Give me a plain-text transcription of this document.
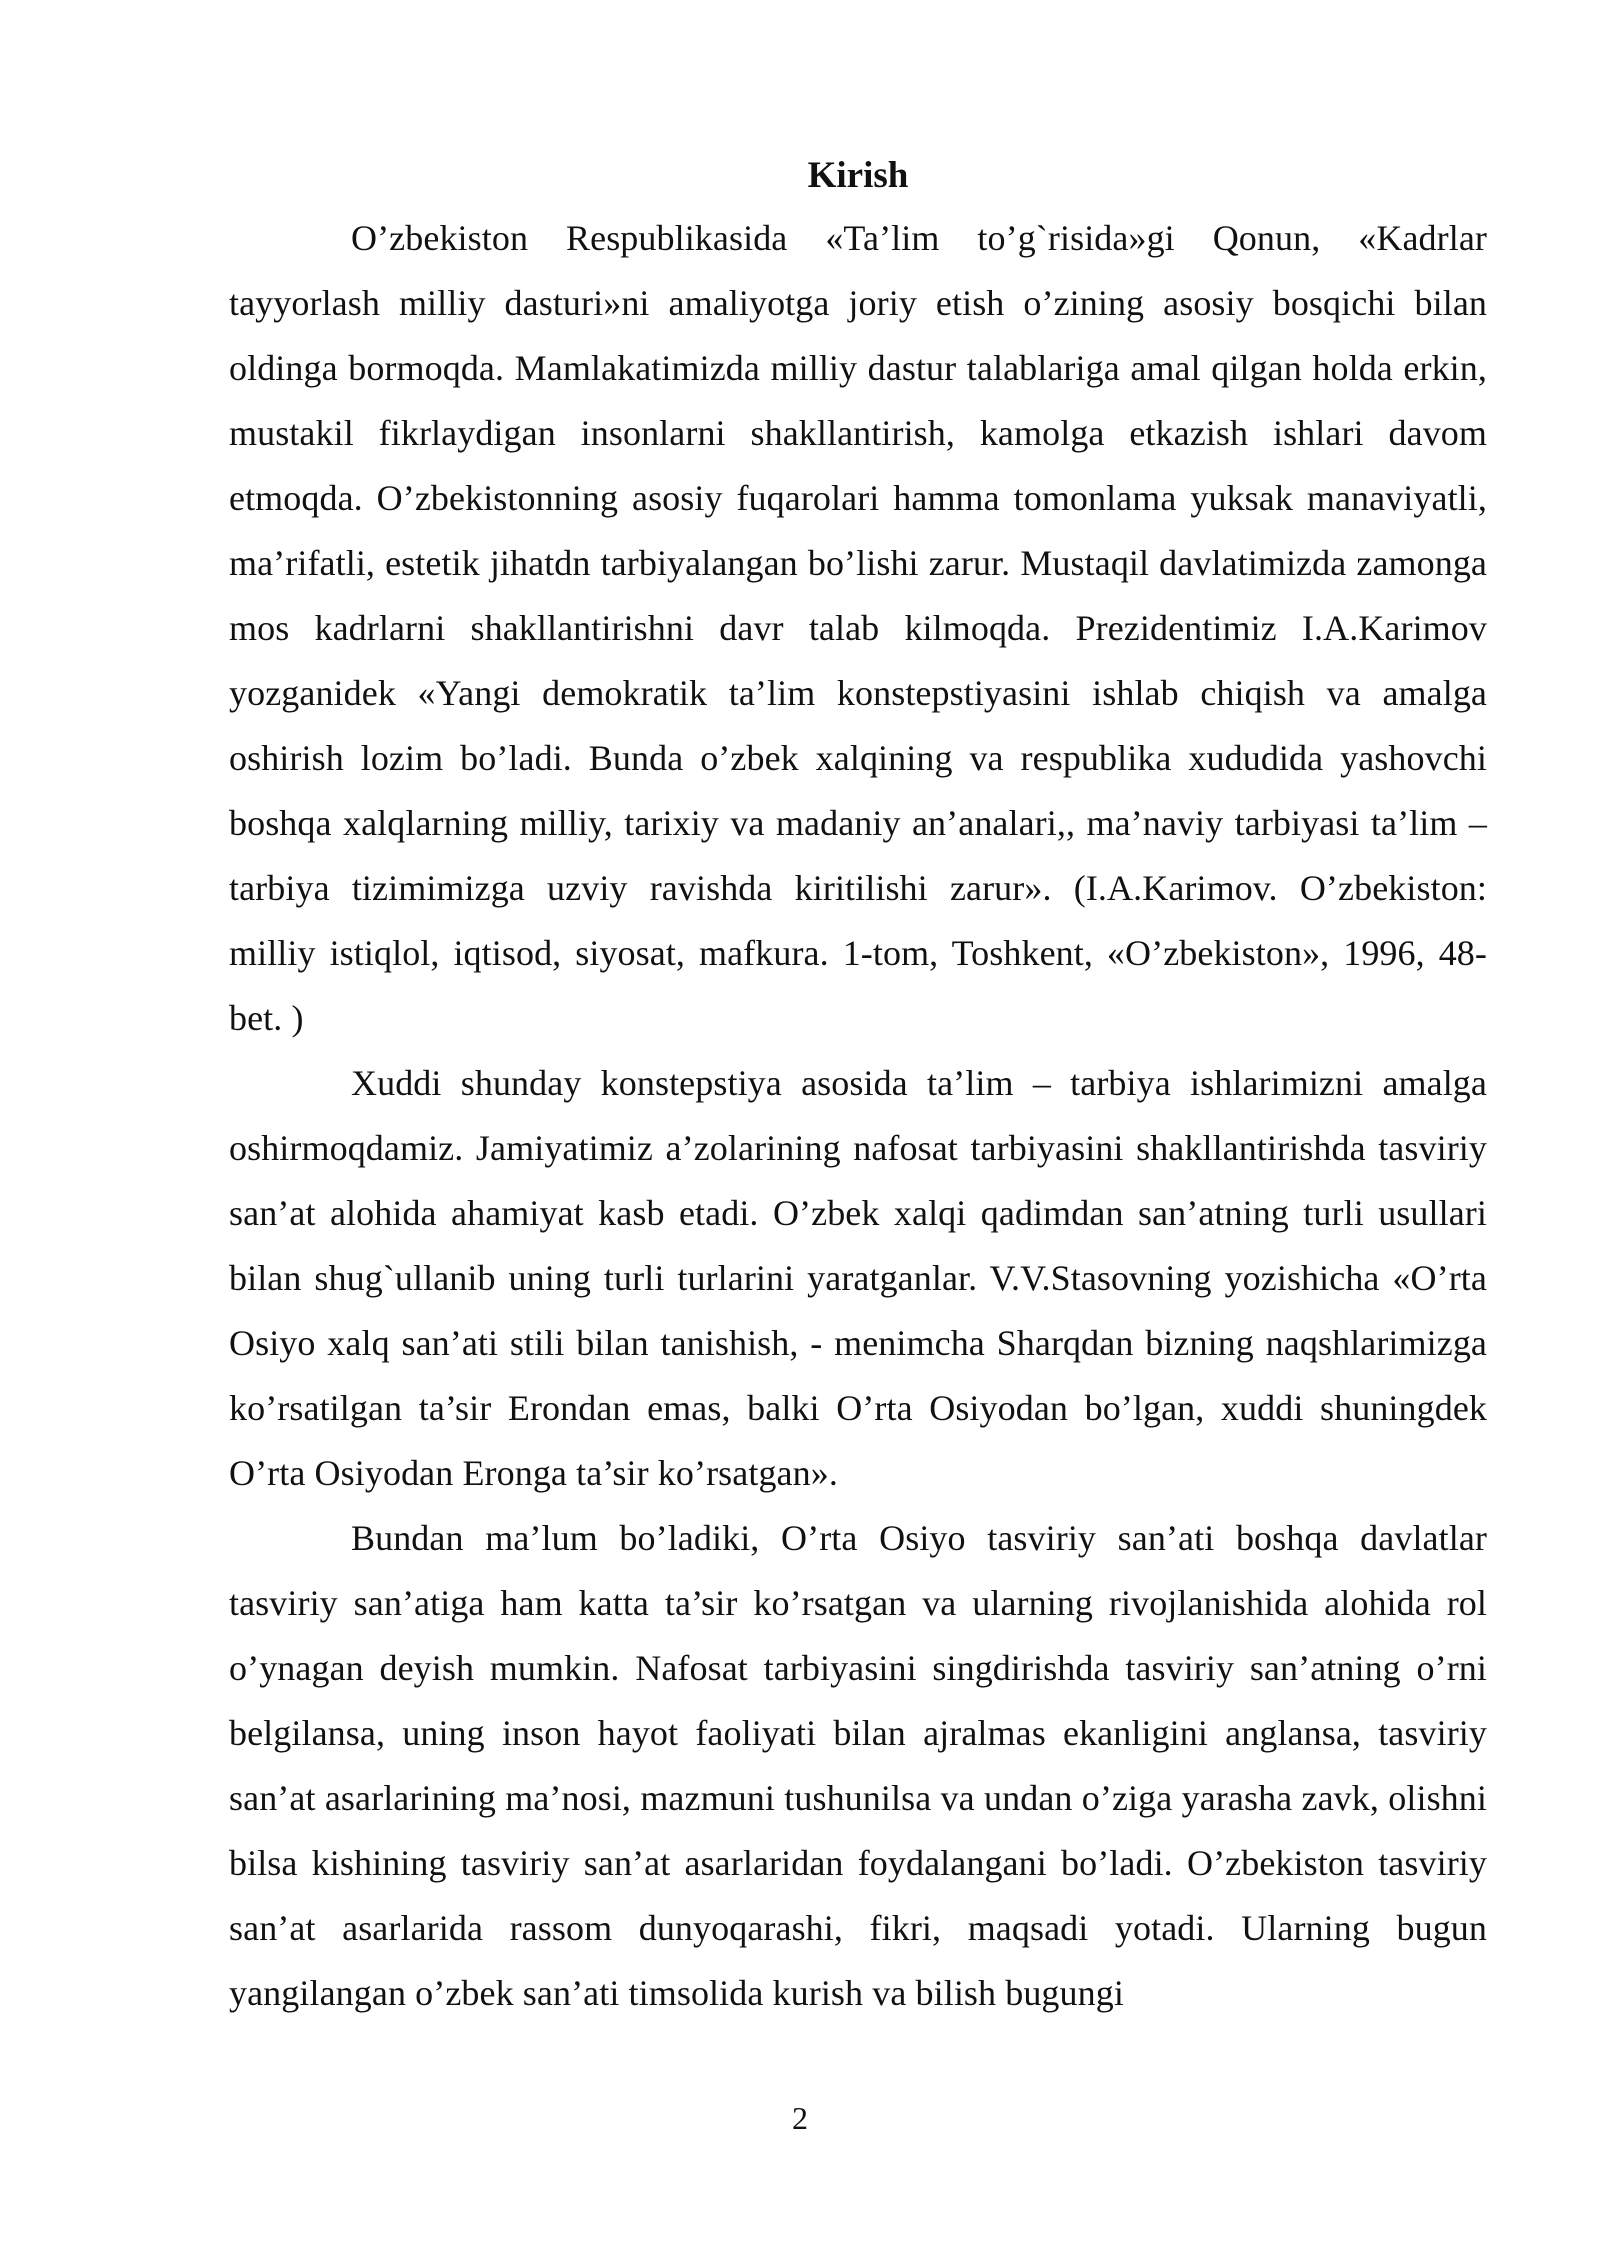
Kirish

O’zbekiston Respublikasida «Ta’lim to’g`risida»gi Qonun, «Kadrlar tayyorlash milliy dasturi»ni amaliyotga joriy etish o’zining asosiy bosqichi bilan oldinga bormoqda. Mamlakatimizda milliy dastur talablariga amal qilgan holda erkin, mustakil fikrlaydigan insonlarni shakllantirish, kamolga etkazish ishlari davom etmoqda. O’zbekistonning asosiy fuqarolari hamma tomonlama yuksak manaviyatli, ma’rifatli, estetik jihatdn tarbiyalangan bo’lishi zarur. Mustaqil davlatimizda zamonga mos kadrlarni shakllantirishni davr talab kilmoqda. Prezidentimiz I.A.Karimov yozganidek «Yangi demokratik ta’lim konstepstiyasini ishlab chiqish va amalga oshirish lozim bo’ladi. Bunda o’zbek xalqining va respublika xududida yashovchi boshqa xalqlarning milliy, tarixiy va madaniy an’analari,, ma’naviy tarbiyasi ta’lim – tarbiya tizimimizga uzviy ravishda kiritilishi zarur». (I.A.Karimov. O’zbekiston: milliy istiqlol, iqtisod, siyosat, mafkura. 1-tom, Toshkent, «O’zbekiston», 1996, 48-bet. )

Xuddi shunday konstepstiya asosida ta’lim – tarbiya ishlarimizni amalga oshirmoqdamiz. Jamiyatimiz a’zolarining nafosat tarbiyasini shakllantirishda tasviriy san’at alohida ahamiyat kasb etadi. O’zbek xalqi qadimdan san’atning turli usullari bilan shug`ullanib uning turli turlarini yaratganlar. V.V.Stasovning yozishicha «O’rta Osiyo xalq san’ati stili bilan tanishish, - menimcha Sharqdan bizning naqshlarimizga ko’rsatilgan ta’sir Erondan emas, balki O’rta Osiyodan bo’lgan, xuddi shuningdek O’rta Osiyodan Eronga ta’sir ko’rsatgan».

Bundan ma’lum bo’ladiki, O’rta Osiyo tasviriy san’ati boshqa davlatlar tasviriy san’atiga ham katta ta’sir ko’rsatgan va ularning rivojlanishida alohida rol o’ynagan deyish mumkin. Nafosat tarbiyasini singdirishda tasviriy san’atning o’rni belgilansa, uning inson hayot faoliyati bilan ajralmas ekanligini anglansa, tasviriy san’at asarlarining ma’nosi, mazmuni tushunilsa va undan o’ziga yarasha zavk, olishni bilsa kishining tasviriy san’at asarlaridan foydalangani bo’ladi. O’zbekiston tasviriy san’at asarlarida rassom dunyoqarashi, fikri, maqsadi yotadi. Ularning bugun yangilangan o’zbek san’ati timsolida kurish va bilish bugungi

2
